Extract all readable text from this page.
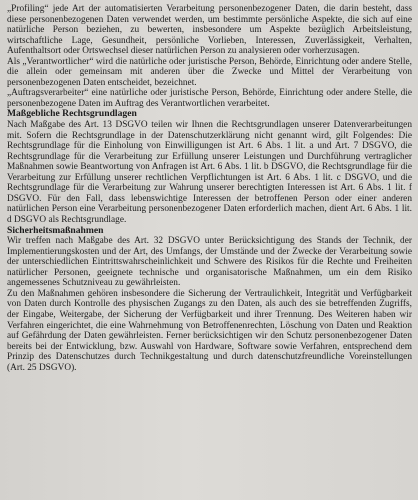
„Profiling“ jede Art der automatisierten Verarbeitung personenbezogener Daten, die darin besteht, dass diese personenbezogenen Daten verwendet werden, um bestimmte persönliche Aspekte, die sich auf eine natürliche Person beziehen, zu bewerten, insbesondere um Aspekte bezüglich Arbeitsleistung, wirtschaftliche Lage, Gesundheit, persönliche Vorlieben, Interessen, Zuverlässigkeit, Verhalten, Aufenthaltsort oder Ortswechsel dieser natürlichen Person zu analysieren oder vorherzusagen.

Als „Verantwortlicher“ wird die natürliche oder juristische Person, Behörde, Einrichtung oder andere Stelle, die allein oder gemeinsam mit anderen über die Zwecke und Mittel der Verarbeitung von personenbezogenen Daten entscheidet, bezeichnet.

„Auftragsverarbeiter“ eine natürliche oder juristische Person, Behörde, Einrichtung oder andere Stelle, die personenbezogene Daten im Auftrag des Verantwortlichen verarbeitet.

Maßgebliche Rechtsgrundlagen

Nach Maßgabe des Art. 13 DSGVO teilen wir Ihnen die Rechtsgrundlagen unserer Datenverarbeitungen mit. Sofern die Rechtsgrundlage in der Datenschutzerklärung nicht genannt wird, gilt Folgendes: Die Rechtsgrundlage für die Einholung von Einwilligungen ist Art. 6 Abs. 1 lit. a und Art. 7 DSGVO, die Rechtsgrundlage für die Verarbeitung zur Erfüllung unserer Leistungen und Durchführung vertraglicher Maßnahmen sowie Beantwortung von Anfragen ist Art. 6 Abs. 1 lit. b DSGVO, die Rechtsgrundlage für die Verarbeitung zur Erfüllung unserer rechtlichen Verpflichtungen ist Art. 6 Abs. 1 lit. c DSGVO, und die Rechtsgrundlage für die Verarbeitung zur Wahrung unserer berechtigten Interessen ist Art. 6 Abs. 1 lit. f DSGVO. Für den Fall, dass lebenswichtige Interessen der betroffenen Person oder einer anderen natürlichen Person eine Verarbeitung personenbezogener Daten erforderlich machen, dient Art. 6 Abs. 1 lit. d DSGVO als Rechtsgrundlage.

Sicherheitsmaßnahmen

Wir treffen nach Maßgabe des Art. 32 DSGVO unter Berücksichtigung des Stands der Technik, der Implementierungskosten und der Art, des Umfangs, der Umstände und der Zwecke der Verarbeitung sowie der unterschiedlichen Eintrittswahrscheinlichkeit und Schwere des Risikos für die Rechte und Freiheiten natürlicher Personen, geeignete technische und organisatorische Maßnahmen, um ein dem Risiko angemessenes Schutzniveau zu gewährleisten.

Zu den Maßnahmen gehören insbesondere die Sicherung der Vertraulichkeit, Integrität und Verfügbarkeit von Daten durch Kontrolle des physischen Zugangs zu den Daten, als auch des sie betreffenden Zugriffs, der Eingabe, Weitergabe, der Sicherung der Verfügbarkeit und ihrer Trennung. Des Weiteren haben wir Verfahren eingerichtet, die eine Wahrnehmung von Betroffenenrechten, Löschung von Daten und Reaktion auf Gefährdung der Daten gewährleisten. Ferner berücksichtigen wir den Schutz personenbezogener Daten bereits bei der Entwicklung, bzw. Auswahl von Hardware, Software sowie Verfahren, entsprechend dem Prinzip des Datenschutzes durch Technikgestaltung und durch datenschutzfreundliche Voreinstellungen (Art. 25 DSGVO).
